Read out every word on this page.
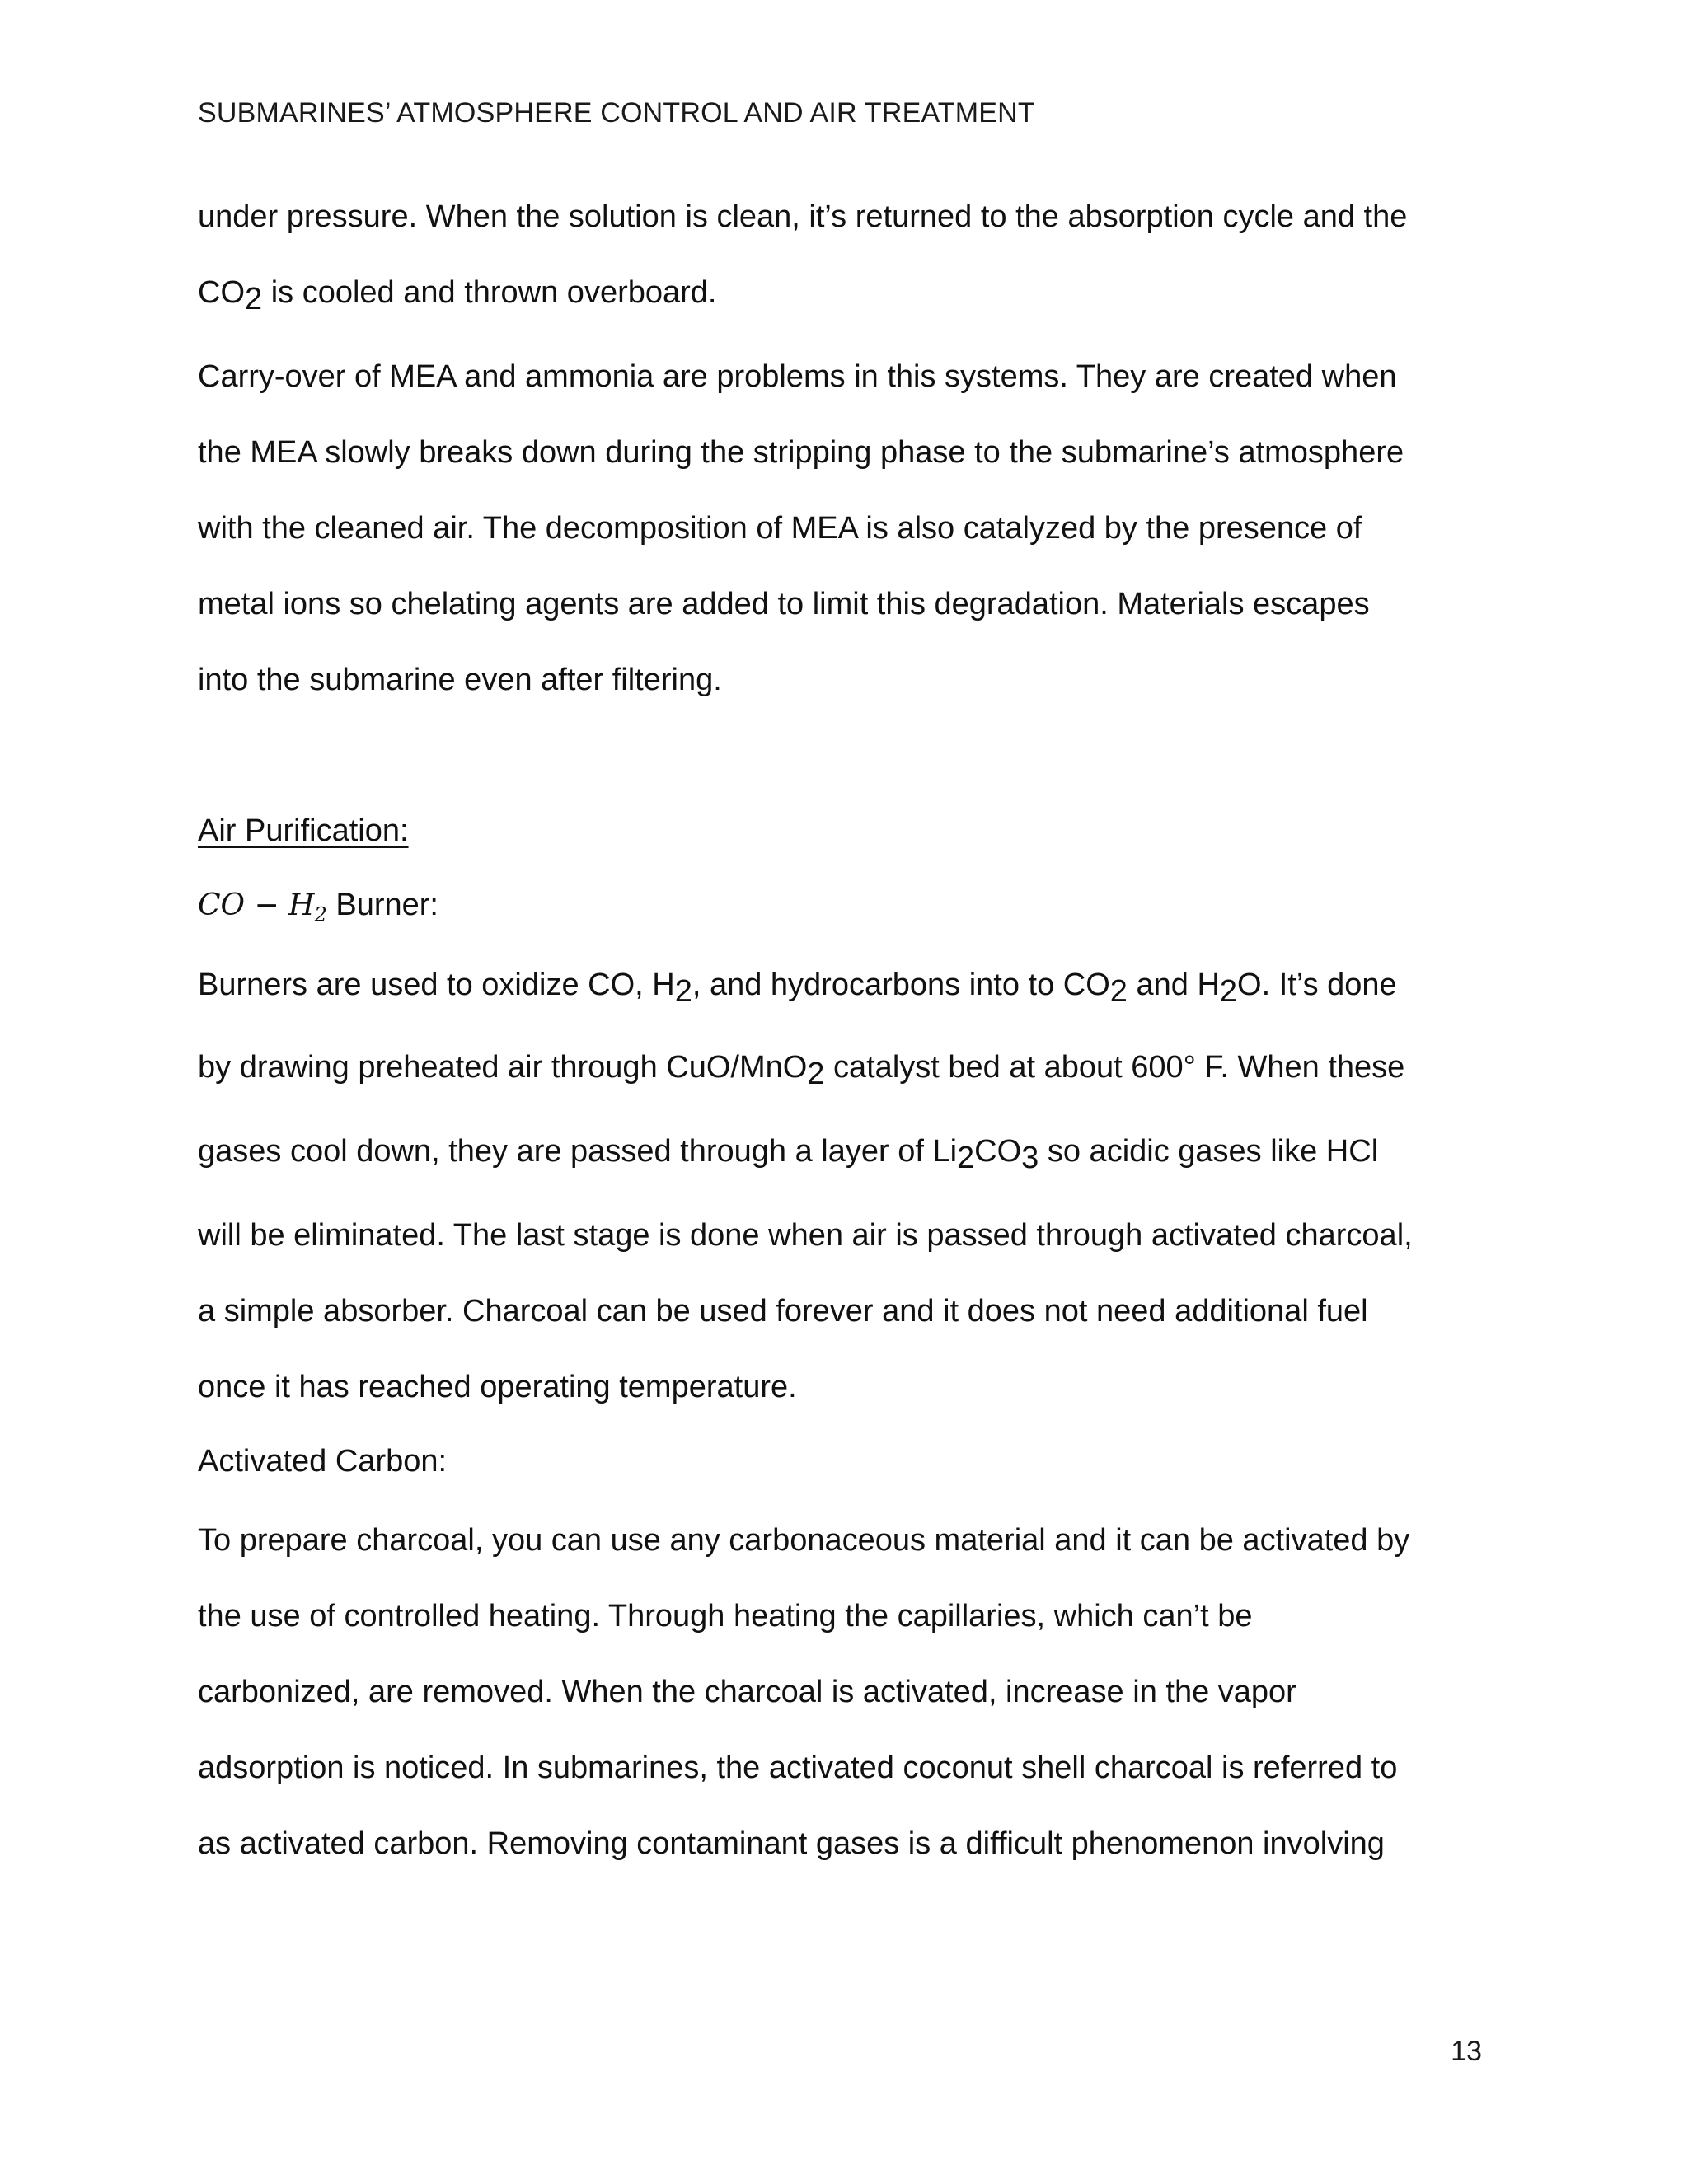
SUBMARINES’ ATMOSPHERE CONTROL AND AIR TREATMENT
under pressure. When the solution is clean, it’s returned to the absorption cycle and the
CO2 is cooled and thrown overboard.
Carry-over of MEA and ammonia are problems in this systems. They are created when
the MEA slowly breaks down during the stripping phase to the submarine’s atmosphere
with the cleaned air. The decomposition of MEA is also catalyzed by the presence of
metal ions so chelating agents are added to limit this degradation. Materials escapes
into the submarine even after filtering.
Air Purification:
CO − $H_2$ Burner:
Burners are used to oxidize CO, H2, and hydrocarbons into to CO2 and H2O. It’s done
by drawing preheated air through CuO/MnO2 catalyst bed at about 600° F. When these
gases cool down, they are passed through a layer of Li2CO3 so acidic gases like HCl
will be eliminated. The last stage is done when air is passed through activated charcoal,
a simple absorber. Charcoal can be used forever and it does not need additional fuel
once it has reached operating temperature.
Activated Carbon:
To prepare charcoal, you can use any carbonaceous material and it can be activated by
the use of controlled heating. Through heating the capillaries, which can’t be
carbonized, are removed. When the charcoal is activated, increase in the vapor
adsorption is noticed. In submarines, the activated coconut shell charcoal is referred to
as activated carbon. Removing contaminant gases is a difficult phenomenon involving
13
